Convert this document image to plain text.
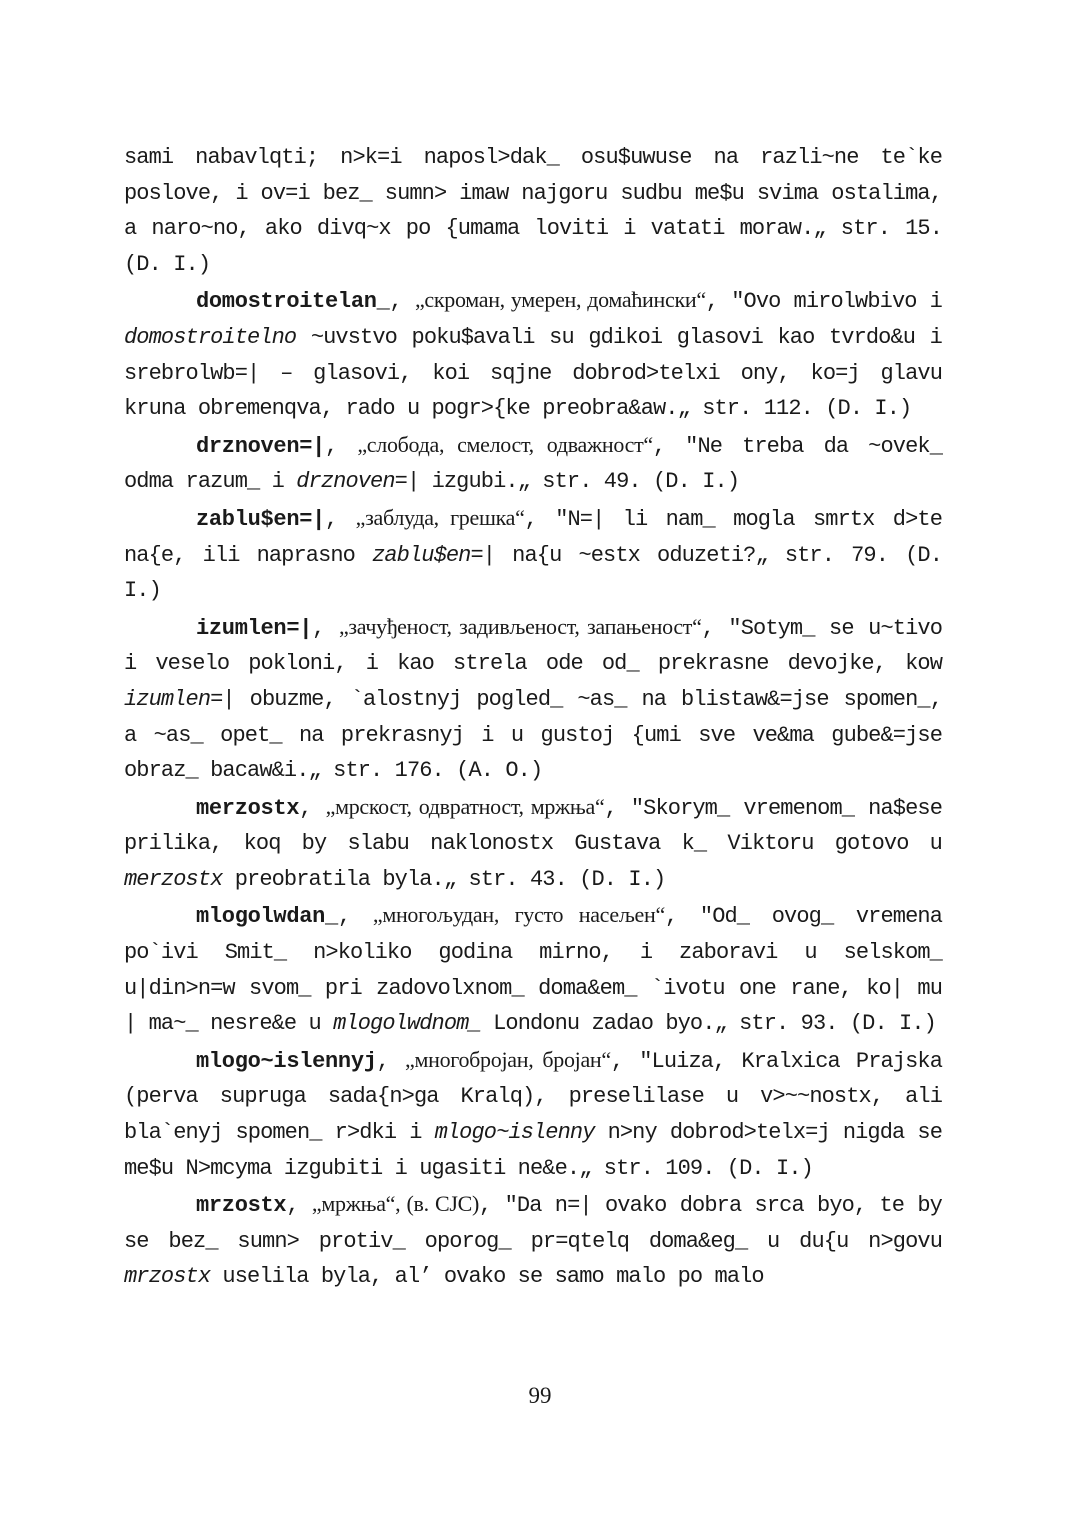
sami nabavlqti; n>k=i naposl>dak_ osu$uwuse na razli~ne te`ke poslove, i ov=i bez_ sumn> imaw najgoru sudbu me$u svima ostalima, a naro~no, ako divq~x po {umama loviti i vatati moraw.„ str. 15. (D. I.)

domostroitelan_, „скроман, умерен, домаћински“, "Ovo mirolwbivo i domostroitelno ~uvstvo poku$avali su gdikoi glasovi kao tvrdo&u i srebrolwb=| – glasovi, koi sqjne dobrod>telxi ony, ko=j glavu kruna obremenqva, rado u pogr>{ke preobra&aw.„ str. 112. (D. I.)

drznoven=|, „слобода, смелост, одважност“, "Ne treba da ~ovek_ odma razum_ i drznoven=| izgubi.„ str. 49. (D. I.)

zablu$en=|, „заблуда, грешка“, "N=| li nam_ mogla smrtx d>te na{e, ili naprasno zablu$en=| na{u ~estx oduzeti?„ str. 79. (D. I.)

izumlen=|, „зачуђеност, задивљеност, запањеност“, "Sotym_ se u~tivo i veselo pokloni, i kao strela ode od_ prekrasne devojke, kow izumlen=| obuzme, `alostnyj pogled_ ~as_ na blistaw&=jse spomen_, a ~as_ opet_ na prekrasnyj i u gustoj {umi sve ve&ma gube&=jse obraz_ bacaw&i.„ str. 176. (A. O.)

merzostx, „мрскост, одвратност, мржња“, "Skorym_ vremenom_ na$ese prilika, koq by slabu naklonostx Gustava k_ Viktoru gotovo u merzostx preobratila byla.„ str. 43. (D. I.)

mlogolwdan_, „многољудан, густо насељен“, "Od_ ovog_ vremena po`ivi Smit_ n>koliko godina mirno, i zaboravi u selskom_ u|din>n=w svom_ pri zadovolxnom_ doma&em_ `ivotu one rane, ko| mu | ma~_ nesre&e u mlogolwdnom_ Londonu zadao byo.„ str. 93. (D. I.)

mlogo~islennyj, „многобројан, бројан“, "Luiza, Kralxica Prajska (perva supruga sada{n>ga Kralq), preselilase u v>~~nostx, ali bla`enyj spomen_ r>dki i mlogo~islenny n>ny dobrod>telx=j nigda se me$u N>mcyma izgubiti i ugasiti ne&e.„ str. 109. (D. I.)

mrzostx, „мржња“, (в. CJC), "Da n=| ovako dobra srca byo, te by se bez_ sumn> protiv_ oporog_ pr=qtelq doma&eg_ u du{u n>govu mrzostx uselila byla, al’ ovako se samo malo po malo

99
